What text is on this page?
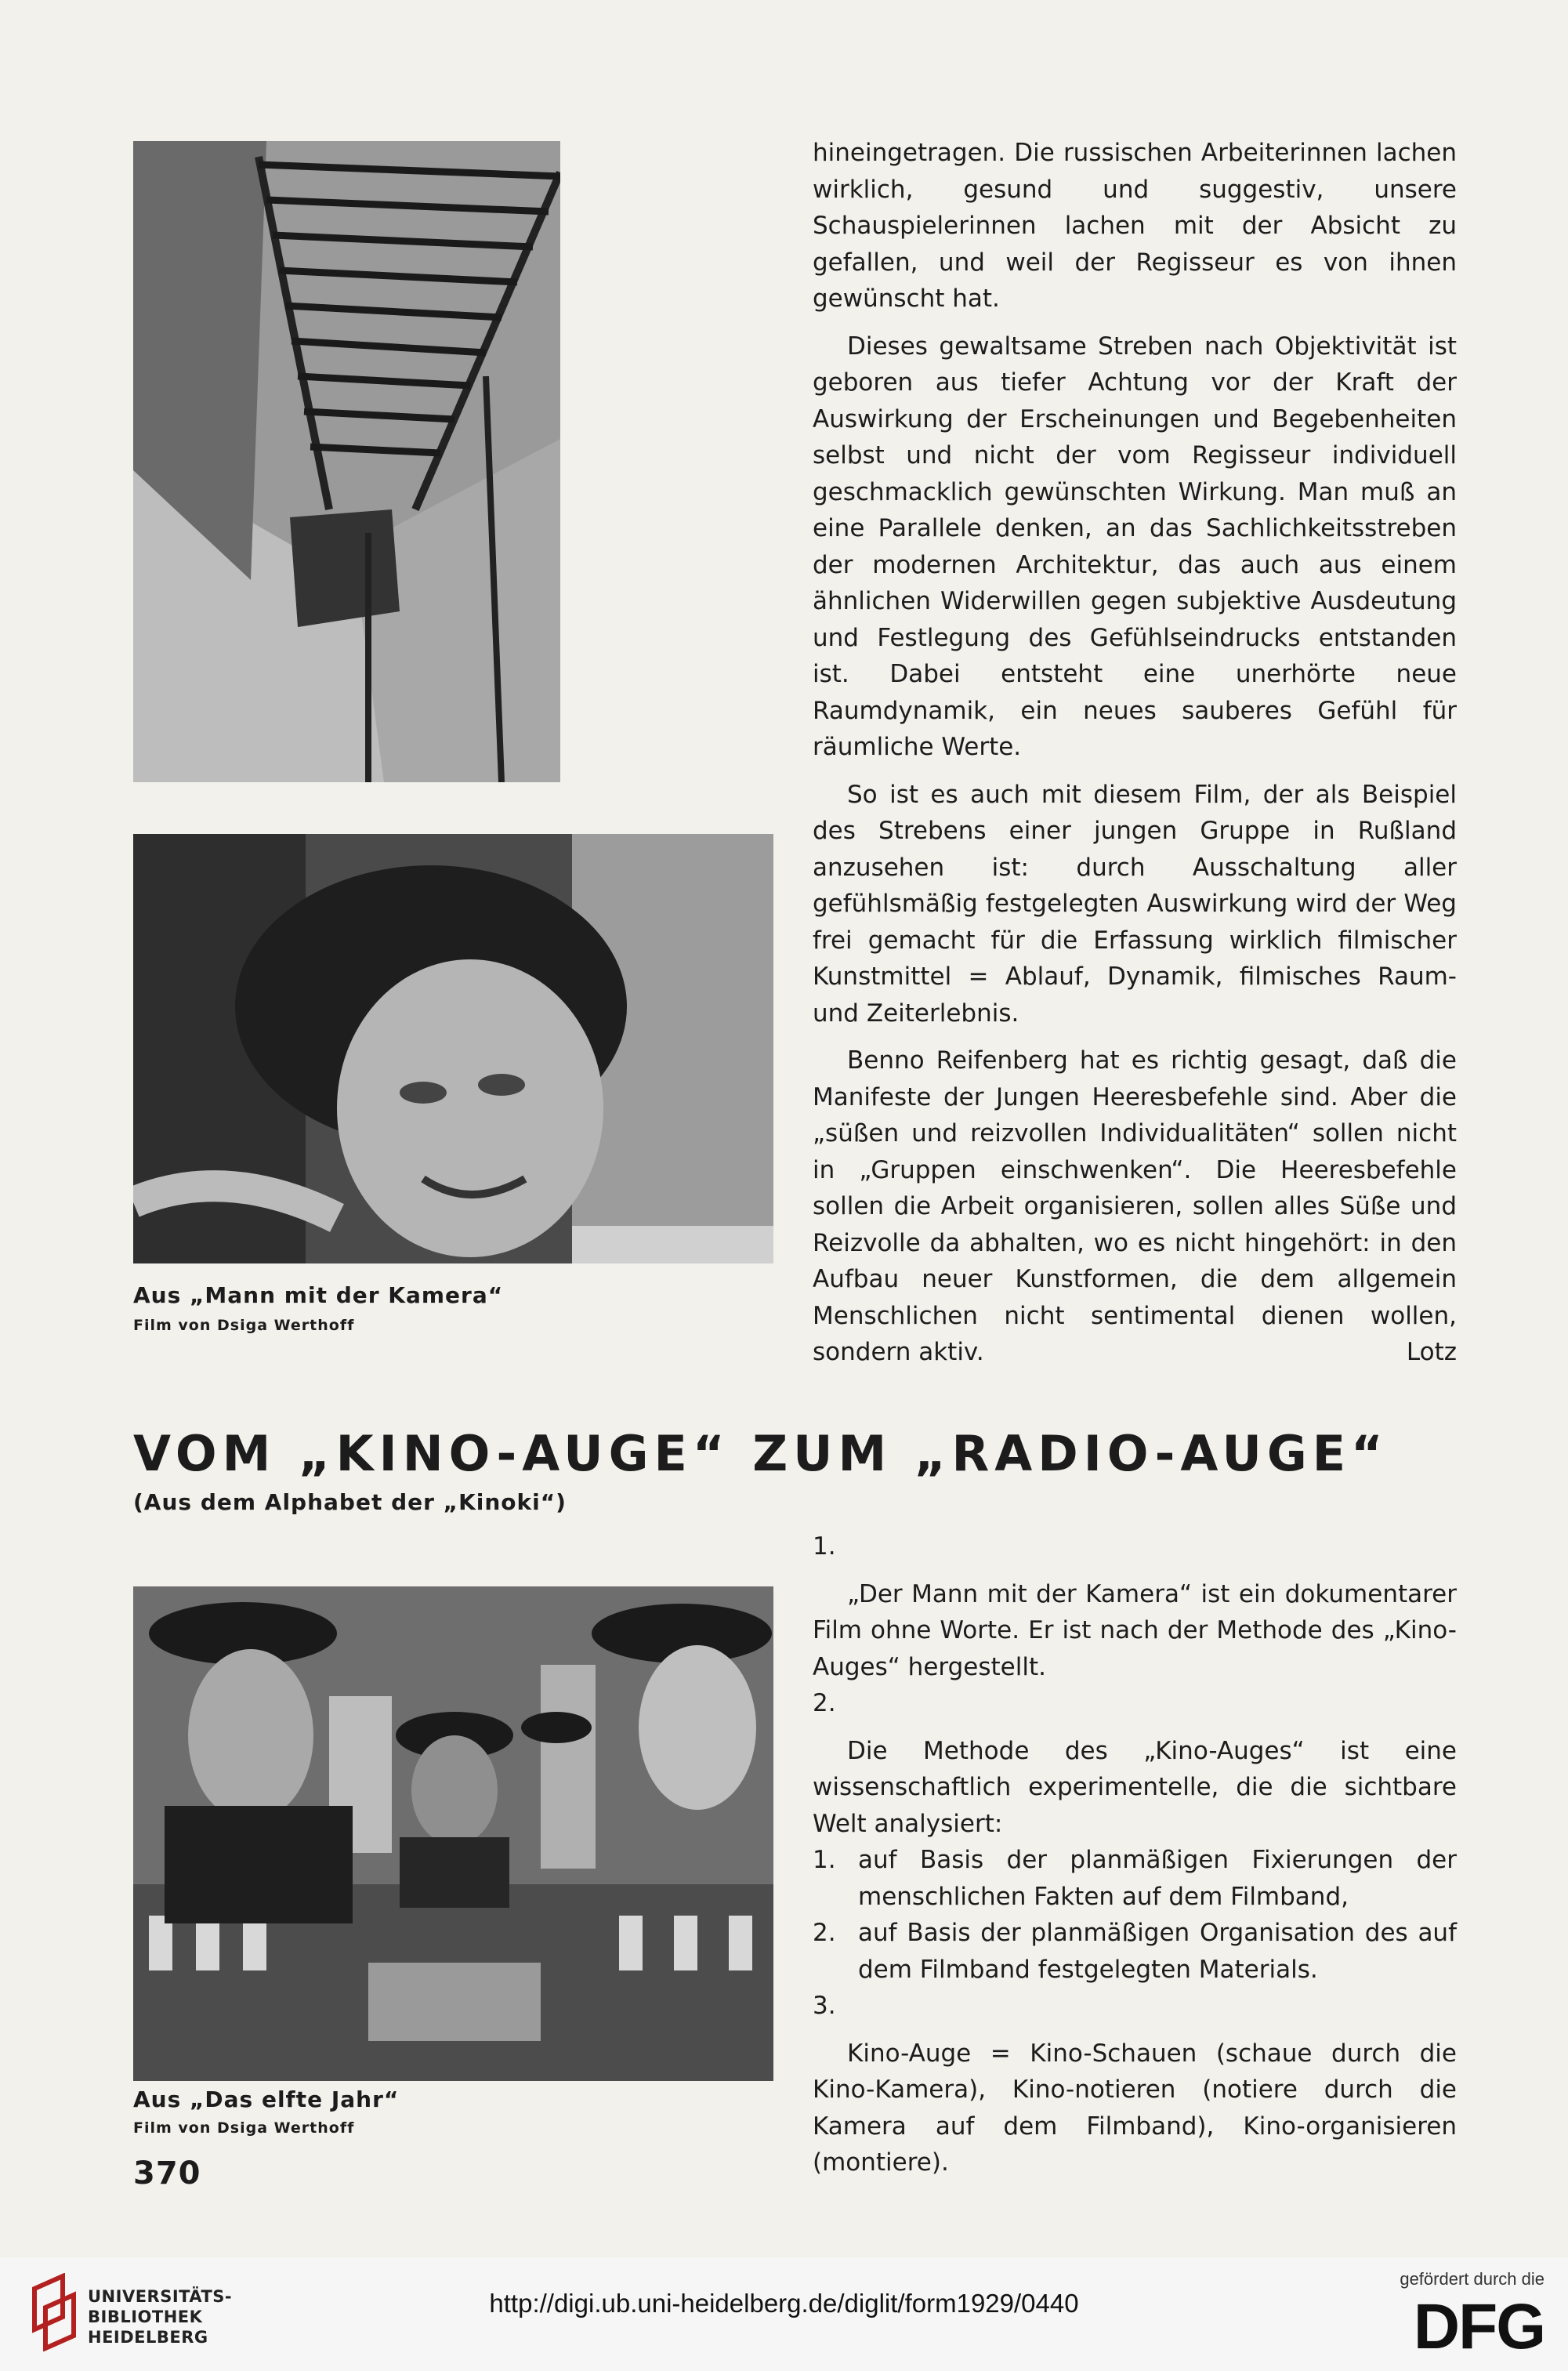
Aus „Mann mit der Kamera“
Film von Dsiga Werthoff

hineingetragen. Die russischen Arbeiterinnen lachen wirklich, gesund und suggestiv, unsere Schauspielerinnen lachen mit der Absicht zu gefallen, und weil der Regisseur es von ihnen gewünscht hat.

Dieses gewaltsame Streben nach Objektivität ist geboren aus tiefer Achtung vor der Kraft der Auswirkung der Erscheinungen und Begebenheiten selbst und nicht der vom Regisseur individuell geschmacklich gewünschten Wirkung. Man muß an eine Parallele denken, an das Sachlichkeitsstreben der modernen Architektur, das auch aus einem ähnlichen Widerwillen gegen subjektive Ausdeutung und Festlegung des Gefühlseindrucks entstanden ist. Dabei entsteht eine unerhörte neue Raumdynamik, ein neues sauberes Gefühl für räumliche Werte.

So ist es auch mit diesem Film, der als Beispiel des Strebens einer jungen Gruppe in Rußland anzusehen ist: durch Ausschaltung aller gefühlsmäßig festgelegten Auswirkung wird der Weg frei gemacht für die Erfassung wirklich filmischer Kunstmittel = Ablauf, Dynamik, filmisches Raum- und Zeiterlebnis.

Benno Reifenberg hat es richtig gesagt, daß die Manifeste der Jungen Heeresbefehle sind. Aber die „süßen und reizvollen Individualitäten“ sollen nicht in „Gruppen einschwenken“. Die Heeresbefehle sollen die Arbeit organisieren, sollen alles Süße und Reizvolle da abhalten, wo es nicht hingehört: in den Aufbau neuer Kunstformen, die dem allgemein Menschlichen nicht sentimental dienen wollen, sondern aktiv.	Lotz

VOM „KINO-AUGE“ ZUM „RADIO-AUGE“
(Aus dem Alphabet der „Kinoki“)
Aus „Das elfte Jahr“
Film von Dsiga Werthoff

1.

„Der Mann mit der Kamera“ ist ein dokumentarer Film ohne Worte. Er ist nach der Methode des „Kino-Auges“ hergestellt.

2.

Die Methode des „Kino-Auges“ ist eine wissenschaftlich experimentelle, die die sichtbare Welt analysiert:

1. auf Basis der planmäßigen Fixierungen der menschlichen Fakten auf dem Filmband,
2. auf Basis der planmäßigen Organisation des auf dem Filmband festgelegten Materials.

3.

Kino-Auge = Kino-Schauen (schaue durch die Kino-Kamera), Kino-notieren (notiere durch die Kamera auf dem Filmband), Kino-organisieren (montiere).

370
UNIVERSITÄTS-
BIBLIOTHEK
HEIDELBERG
http://digi.ub.uni-heidelberg.de/diglit/form1929/0440
gefördert durch die
DFG
